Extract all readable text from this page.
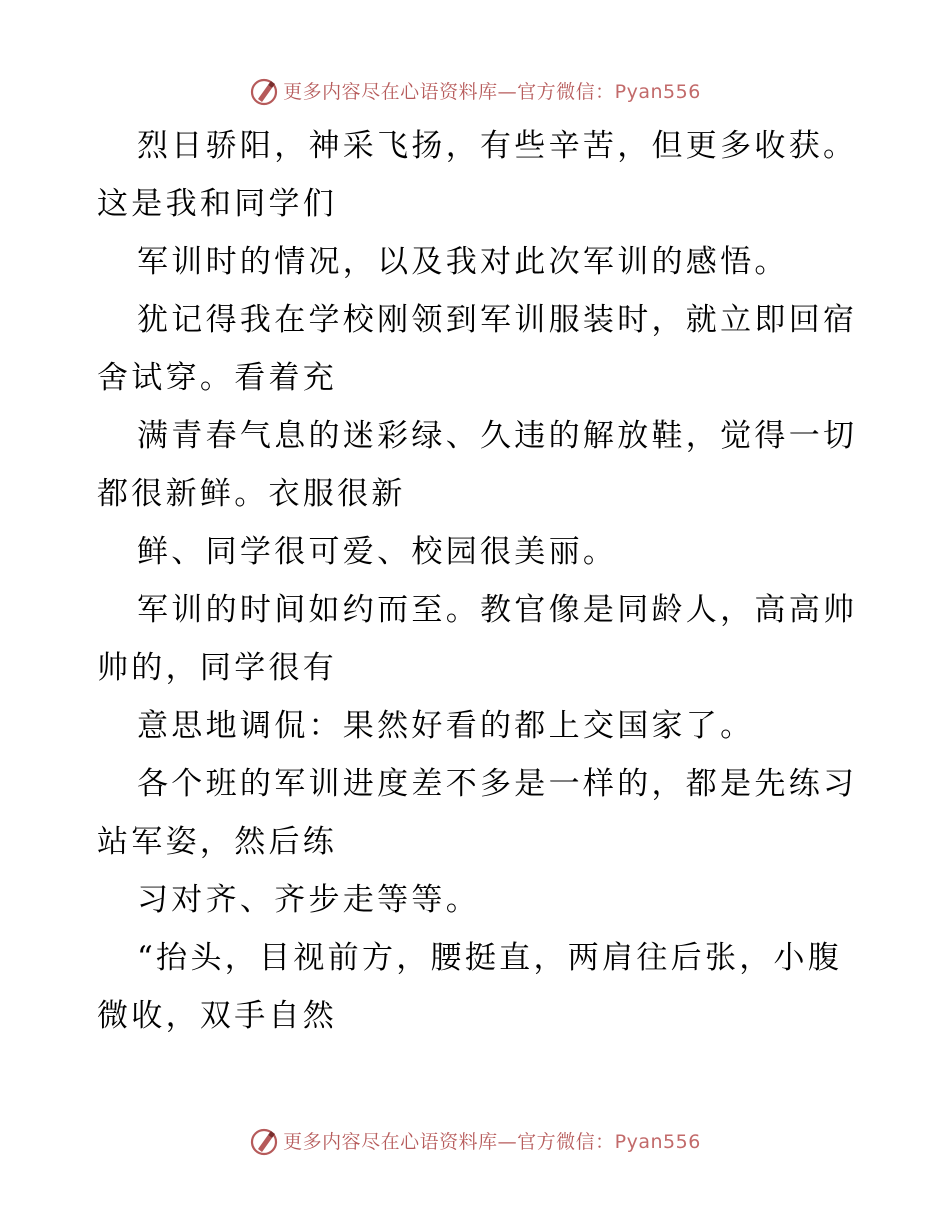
更多内容尽在心语资料库—官方微信：Pyan556
烈日骄阳，神采飞扬，有些辛苦，但更多收获。
这是我和同学们
军训时的情况，以及我对此次军训的感悟。
犹记得我在学校刚领到军训服装时，就立即回宿
舍试穿。看着充
满青春气息的迷彩绿、久违的解放鞋，觉得一切
都很新鲜。衣服很新
鲜、同学很可爱、校园很美丽。
军训的时间如约而至。教官像是同龄人，高高帅
帅的，同学很有
意思地调侃：果然好看的都上交国家了。
各个班的军训进度差不多是一样的，都是先练习
站军姿，然后练
习对齐、齐步走等等。
“抬头，目视前方，腰挺直，两肩往后张，小腹
微收，双手自然
更多内容尽在心语资料库—官方微信：Pyan556
